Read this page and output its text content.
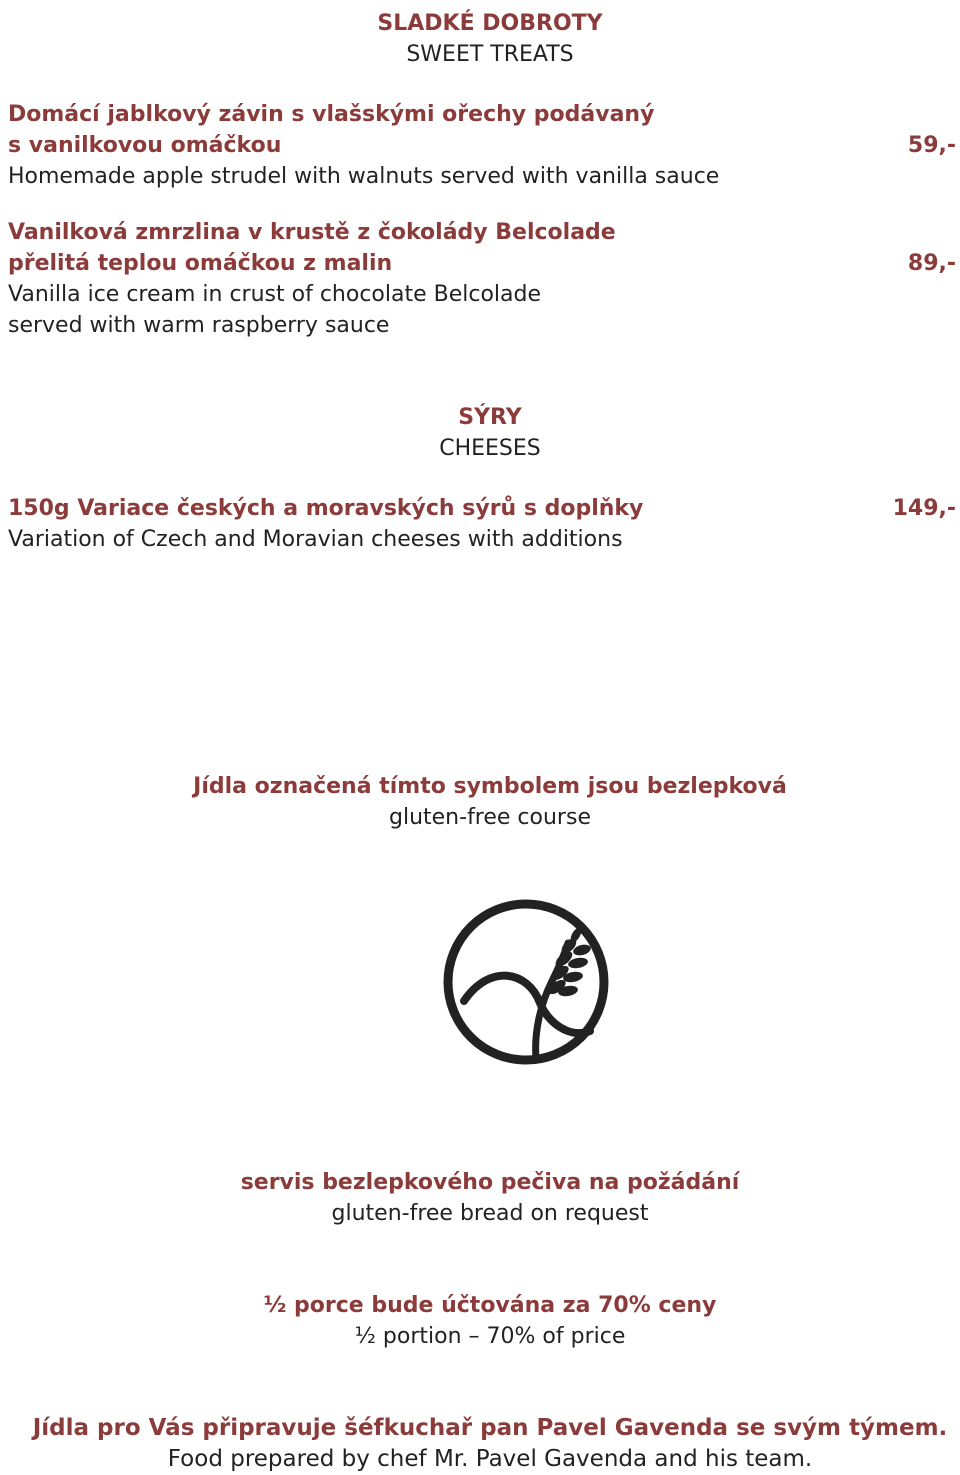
SLADKÉ DOBROTY
SWEET TREATS
Domácí jablkový závin s vlašskými ořechy podávaný
s vanilkovou omáčkou	59,-
Homemade apple strudel with walnuts served with vanilla sauce
Vanilková zmrzlina v krustě z čokolády Belcolade
přelitá teplou omáčkou z malin	89,-
Vanilla ice cream in crust of chocolate Belcolade
served with warm raspberry sauce
SÝRY
CHEESES
150g Variace českých a moravských sýrů s doplňky	149,-
Variation of Czech and Moravian cheeses with additions
Jídla označená tímto symbolem jsou bezlepková
gluten-free course
servis bezlepkového pečiva na požádání
gluten-free bread on request
½ porce bude účtována za 70% ceny
½ portion – 70% of price
Jídla pro Vás připravuje šéfkuchař pan Pavel Gavenda se svým týmem.
Food prepared by chef Mr. Pavel Gavenda and his team.
